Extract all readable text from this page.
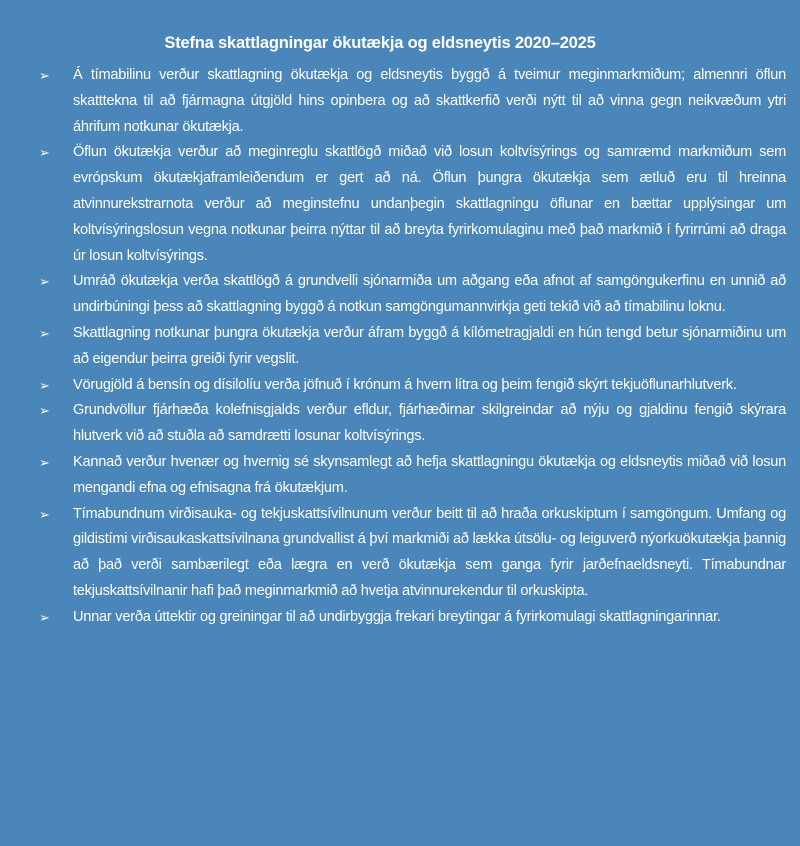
Stefna skattlagningar ökutækja og eldsneytis 2020–2025
➢ Á tímabilinu verður skattlagning ökutækja og eldsneytis byggð á tveimur meginmarkmiðum; almennri öflun skatttekna til að fjármagna útgjöld hins opinbera og að skattkerfið verði nýtt til að vinna gegn neikvæðum ytri áhrifum notkunar ökutækja.
➢ Öflun ökutækja verður að meginreglu skattlögð miðað við losun koltvísýrings og samræmd markmiðum sem evrópskum ökutækjaframleiðendum er gert að ná. Öflun þungra ökutækja sem ætluð eru til hreinna atvinnurekstrarnota verður að meginstefnu undanþegin skattlagningu öflunar en bættar upplýsingar um koltvísýringslosun vegna notkunar þeirra nýttar til að breyta fyrirkomulaginu með það markmið í fyrirrúmi að draga úr losun koltvísýrings.
➢ Umráð ökutækja verða skattlögð á grundvelli sjónarmiða um aðgang eða afnot af samgöngukerfinu en unnið að undirbúningi þess að skattlagning byggð á notkun samgöngumannvirkja geti tekið við að tímabilinu loknu.
➢ Skattlagning notkunar þungra ökutækja verður áfram byggð á kílómetragjaldi en hún tengd betur sjónarmiðinu um að eigendur þeirra greiði fyrir vegslit.
➢ Vörugjöld á bensín og dísilolíu verða jöfnuð í krónum á hvern lítra og þeim fengið skýrt tekjuöflunarhlutverk.
➢ Grundvöllur fjárhæða kolefnisgjalds verður efldur, fjárhæðirnar skilgreindar að nýju og gjaldinu fengið skýrara hlutverk við að stuðla að samdrætti losunar koltvísýrings.
➢ Kannað verður hvenær og hvernig sé skynsamlegt að hefja skattlagningu ökutækja og eldsneytis miðað við losun mengandi efna og efnisagna frá ökutækjum.
➢ Tímabundnum virðisauka- og tekjuskattsívilnunum verður beitt til að hraða orkuskiptum í samgöngum. Umfang og gildistími virðisaukaskattsívilnana grundvallist á því markmiði að lækka útsölu- og leiguverð nýorkuökutækja þannig að það verði sambærilegt eða lægra en verð ökutækja sem ganga fyrir jarðefnaeldsneyti. Tímabundnar tekjuskattsívilnanir hafi það meginmarkmið að hvetja atvinnurekendur til orkuskipta.
➢ Unnar verða úttektir og greiningar til að undirbyggja frekari breytingar á fyrirkomulagi skattlagningarinnar.
